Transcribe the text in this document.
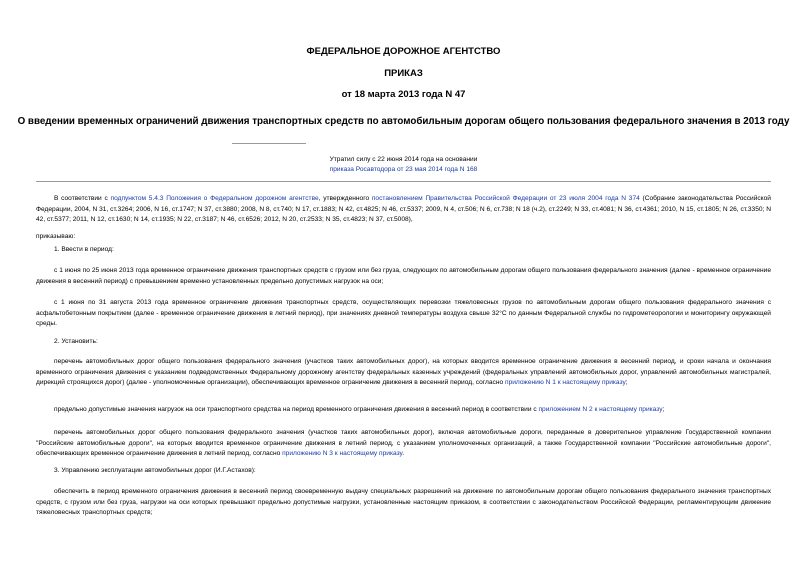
ФЕДЕРАЛЬНОЕ ДОРОЖНОЕ АГЕНТСТВО
ПРИКАЗ
от 18 марта 2013 года N 47
О введении временных ограничений движения транспортных средств по автомобильным дорогам общего пользования федерального значения в 2013 году
Утратил силу с 22 июня 2014 года на основании
приказа Росавтодора от 23 мая 2014 года N 168

В соответствии с подпунктом 5.4.3 Положения о Федеральном дорожном агентстве, утвержденного постановлением Правительства Российской Федерации от 23 июля 2004 года N 374 (Собрание законодательства Российской Федерации, 2004, N 31, ст.3264; 2006, N 16, ст.1747; N 37, ст.3880; 2008, N 8, ст.740; N 17, ст.1883; N 42, ст.4825; N 46, ст.5337; 2009, N 4, ст.506; N 6, ст.738; N 18 (ч.2), ст.2249; N 33, ст.4081; N 36, ст.4361; 2010, N 15, ст.1805; N 26, ст.3350; N 42, ст.5377; 2011, N 12, ст.1630; N 14, ст.1935; N 22, ст.3187; N 46, ст.6526; 2012, N 20, ст.2533; N 35, ст.4823; N 37, ст.5008),

приказываю:

1. Ввести в период:

с 1 июня по 25 июня 2013 года временное ограничение движения транспортных средств с грузом или без груза, следующих по автомобильным дорогам общего пользования федерального значения (далее - временное ограничение движения в весенний период) с превышением временно установленных предельно допустимых нагрузок на оси;

с 1 июня по 31 августа 2013 года временное ограничение движения транспортных средств, осуществляющих перевозки тяжеловесных грузов по автомобильным дорогам общего пользования федерального значения с асфальтобетонным покрытием (далее - временное ограничение движения в летний период), при значениях дневной температуры воздуха свыше 32°С по данным Федеральной службы по гидрометеорологии и мониторингу окружающей среды.

2. Установить:

перечень автомобильных дорог общего пользования федерального значения (участков таких автомобильных дорог), на которых вводится временное ограничение движения в весенний период, и сроки начала и окончания временного ограничения движения с указанием подведомственных Федеральному дорожному агентству федеральных казенных учреждений (федеральных управлений автомобильных дорог, управлений автомобильных магистралей, дирекций строящихся дорог) (далее - уполномоченные организации), обеспечивающих временное ограничение движения в весенний период, согласно приложению N 1 к настоящему приказу;

предельно допустимые значения нагрузок на оси транспортного средства на период временного ограничения движения в весенний период в соответствии с приложением N 2 к настоящему приказу;

перечень автомобильных дорог общего пользования федерального значения (участков таких автомобильных дорог), включая автомобильные дороги, переданные в доверительное управление Государственной компании "Российские автомобильные дороги", на которых вводится временное ограничение движения в летний период, с указанием уполномоченных организаций, а также Государственной компании "Российские автомобильные дороги", обеспечивающих временное ограничение движения в летний период, согласно приложению N 3 к настоящему приказу.

3. Управлению эксплуатации автомобильных дорог (И.Г.Астахов):

обеспечить в период временного ограничения движения в весенний период своевременную выдачу специальных разрешений на движение по автомобильным дорогам общего пользования федерального значения транспортных средств, с грузом или без груза, нагрузки на оси которых превышают предельно допустимые нагрузки, установленные настоящим приказом, в соответствии с законодательством Российской Федерации, регламентирующим движение тяжеловесных транспортных средств;
